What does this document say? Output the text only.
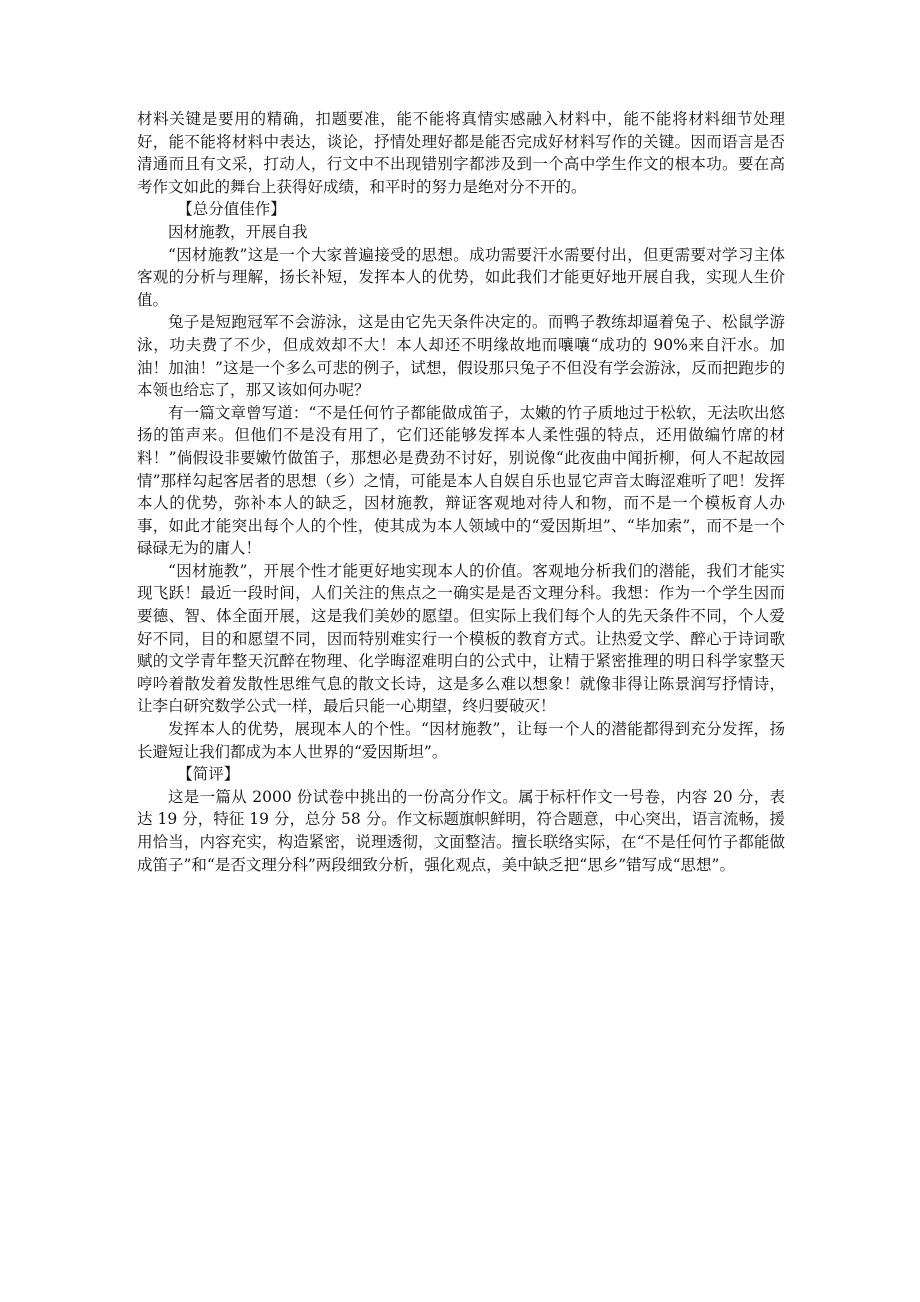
材料关键是要用的精确，扣题要准，能不能将真情实感融入材料中，能不能将材料细节处理好，能不能将材料中表达，谈论，抒情处理好都是能否完成好材料写作的关键。因而语言是否清通而且有文采，打动人，行文中不出现错别字都涉及到一个高中学生作文的根本功。要在高考作文如此的舞台上获得好成绩，和平时的努力是绝对分不开的。

【总分值佳作】

因材施教，开展自我

“因材施教”这是一个大家普遍接受的思想。成功需要汗水需要付出，但更需要对学习主体客观的分析与理解，扬长补短，发挥本人的优势，如此我们才能更好地开展自我，实现人生价值。

兔子是短跑冠军不会游泳，这是由它先天条件决定的。而鸭子教练却逼着兔子、松鼠学游泳，功夫费了不少，但成效却不大！本人却还不明缘故地而嚷嚷“成功的 90%来自汗水。加油！加油！”这是一个多么可悲的例子，试想，假设那只兔子不但没有学会游泳，反而把跑步的本领也给忘了，那又该如何办呢？

有一篇文章曾写道：“不是任何竹子都能做成笛子，太嫩的竹子质地过于松软，无法吹出悠扬的笛声来。但他们不是没有用了，它们还能够发挥本人柔性强的特点，还用做编竹席的材料！”倘假设非要嫩竹做笛子，那想必是费劲不讨好，别说像“此夜曲中闻折柳，何人不起故园情”那样勾起客居者的思想（乡）之情，可能是本人自娱自乐也显它声音太晦涩难听了吧！发挥本人的优势，弥补本人的缺乏，因材施教，辩证客观地对待人和物，而不是一个模板育人办事，如此才能突出每个人的个性，使其成为本人领域中的“爱因斯坦”、“毕加索”，而不是一个碌碌无为的庸人！

“因材施教”，开展个性才能更好地实现本人的价值。客观地分析我们的潜能，我们才能实现飞跃！最近一段时间，人们关注的焦点之一确实是是否文理分科。我想：作为一个学生因而要德、智、体全面开展，这是我们美妙的愿望。但实际上我们每个人的先天条件不同，个人爱好不同，目的和愿望不同，因而特别难实行一个模板的教育方式。让热爱文学、醉心于诗词歌赋的文学青年整天沉醉在物理、化学晦涩难明白的公式中，让精于紧密推理的明日科学家整天哼吟着散发着发散性思维气息的散文长诗，这是多么难以想象！就像非得让陈景润写抒情诗，让李白研究数学公式一样，最后只能一心期望，终归要破灭！

发挥本人的优势，展现本人的个性。“因材施教”，让每一个人的潜能都得到充分发挥，扬长避短让我们都成为本人世界的“爱因斯坦”。

【简评】

这是一篇从 2000 份试卷中挑出的一份高分作文。属于标杆作文一号卷，内容 20 分，表达 19 分，特征 19 分，总分 58 分。作文标题旗帜鲜明，符合题意，中心突出，语言流畅，援用恰当，内容充实，构造紧密，说理透彻，文面整洁。擅长联络实际，在“不是任何竹子都能做成笛子”和“是否文理分科”两段细致分析，强化观点，美中缺乏把“思乡”错写成“思想”。
